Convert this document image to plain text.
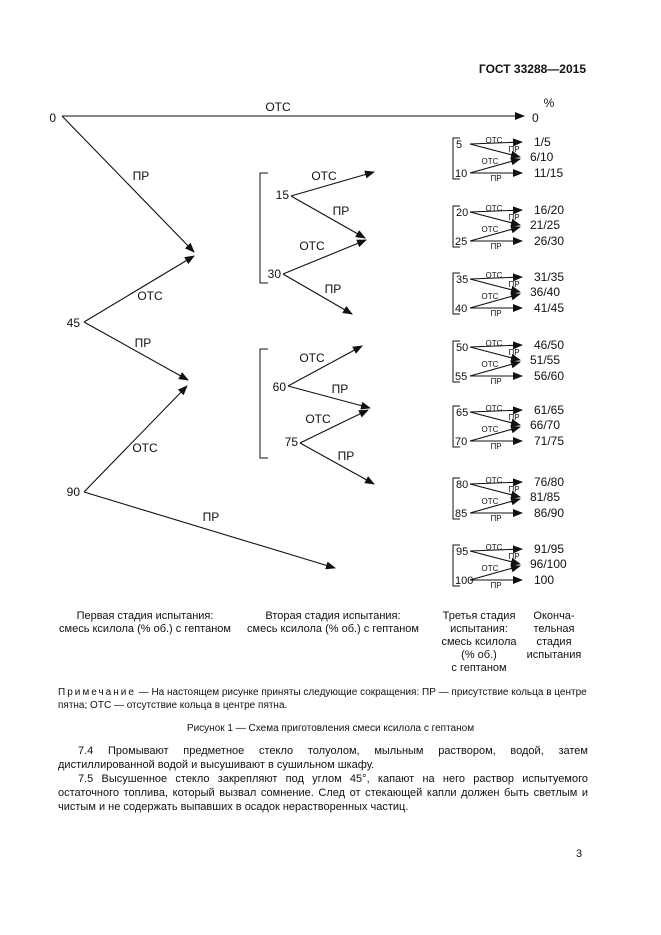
ГОСТ 33288—2015
%
0
45
90
ОТС
0
ПР
ОТС
ПР
ОТС
ПР
15
30
60
75
ОТС
ПР
ОТС
ПР
ОТС
ПР
ОТС
ПР
5
10
ОТС
ПР
ОТС
ПР
1/5
6/10
11/15
20
25
ОТС
ПР
ОТС
ПР
16/20
21/25
26/30
35
40
ОТС
ПР
ОТС
ПР
31/35
36/40
41/45
50
55
ОТС
ПР
ОТС
ПР
46/50
51/55
56/60
65
70
ОТС
ПР
ОТС
ПР
61/65
66/70
71/75
80
85
ОТС
ПР
ОТС
ПР
76/80
81/85
86/90
95
100
ОТС
ПР
ОТС
ПР
91/95
96/100
100
Первая стадия испытания:
смесь ксилола (% об.) с гептаном
Вторая стадия испытания:
смесь ксилола (% об.) с гептаном
Третья стадия
испытания:
смесь ксилола
(% об.)
с гептаном
Оконча-
тельная
стадия
испытания
Примечание — На настоящем рисунке приняты следующие сокращения: ПР — присутствие кольца в центре пятна; ОТС — отсутствие кольца в центре пятна.
Рисунок 1 — Схема приготовления смеси ксилола с гептаном
7.4 Промывают предметное стекло толуолом, мыльным раствором, водой, затем дистиллированной водой и высушивают в сушильном шкафу.
7.5 Высушенное стекло закрепляют под углом 45°, капают на него раствор испытуемого остаточного топлива, который вызвал сомнение. След от стекающей капли должен быть светлым и чистым и не содержать выпавших в осадок нерастворенных частиц.
3
